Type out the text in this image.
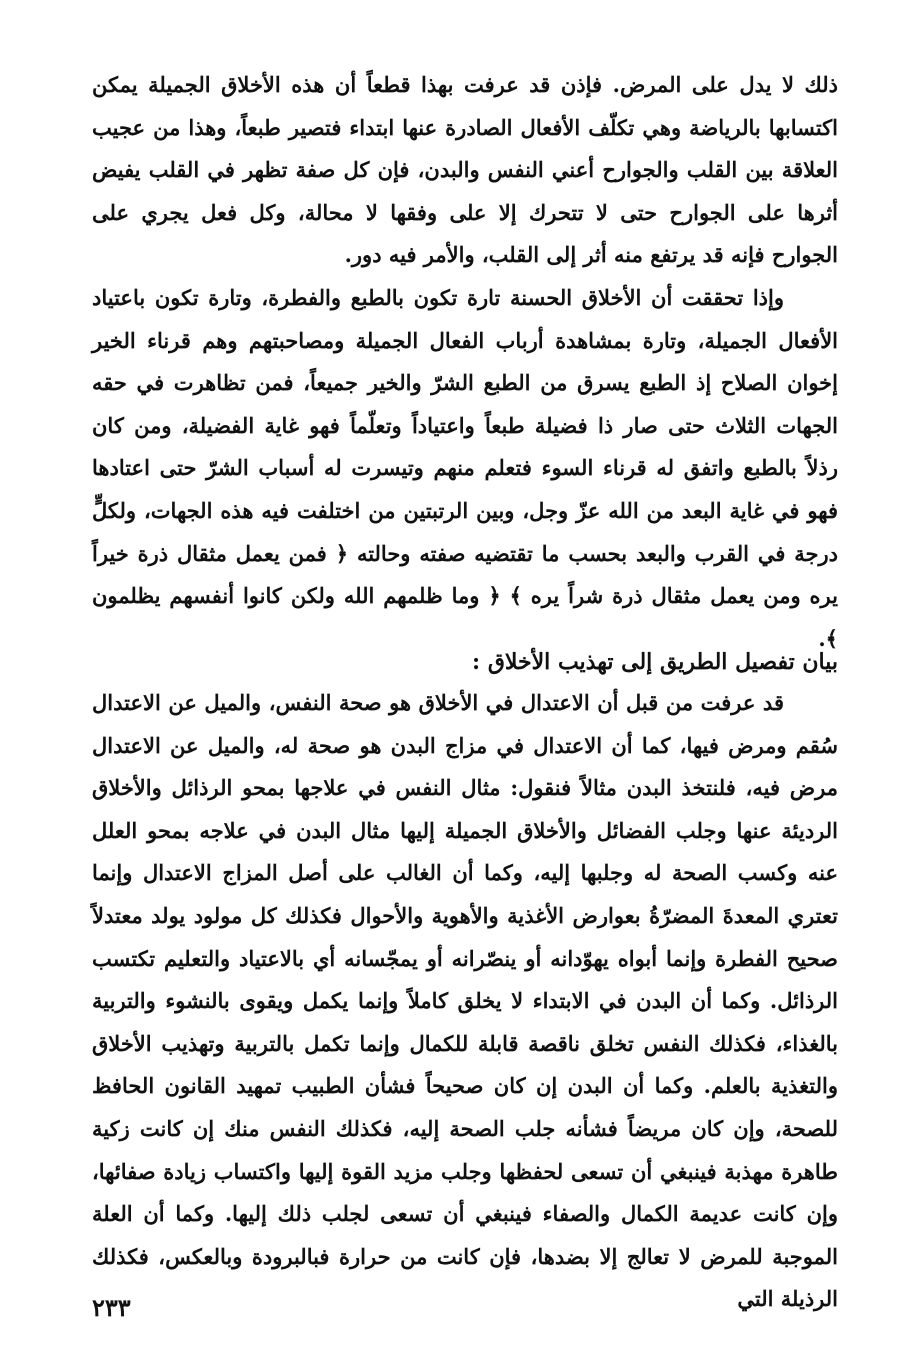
ذلك لا يدل على المرض. فإذن قد عرفت بهذا قطعاً أن هذه الأخلاق الجميلة يمكن اكتسابها بالرياضة وهي تكلّف الأفعال الصادرة عنها ابتداء فتصير طبعاً، وهذا من عجيب العلاقة بين القلب والجوارح أعني النفس والبدن، فإن كل صفة تظهر في القلب يفيض أثرها على الجوارح حتى لا تتحرك إلا على وفقها لا محالة، وكل فعل يجري على الجوارح فإنه قد يرتفع منه أثر إلى القلب، والأمر فيه دور.

وإذا تحققت أن الأخلاق الحسنة تارة تكون بالطبع والفطرة، وتارة تكون باعتياد الأفعال الجميلة، وتارة بمشاهدة أرباب الفعال الجميلة ومصاحبتهم وهم قرناء الخير إخوان الصلاح إذ الطبع يسرق من الطبع الشرّ والخير جميعاً، فمن تظاهرت في حقه الجهات الثلاث حتى صار ذا فضيلة طبعاً واعتياداً وتعلّماً فهو غاية الفضيلة، ومن كان رذلاً بالطبع واتفق له قرناء السوء فتعلم منهم وتيسرت له أسباب الشرّ حتى اعتادها فهو في غاية البعد من الله عزّ وجل، وبين الرتبتين من اختلفت فيه هذه الجهات، ولكلٍّ درجة في القرب والبعد بحسب ما تقتضيه صفته وحالته ﴿ فمن يعمل مثقال ذرة خيراً يره ومن يعمل مثقال ذرة شراً يره ﴾ ﴿ وما ظلمهم الله ولكن كانوا أنفسهم يظلمون ﴾.

بيان تفصيل الطريق إلى تهذيب الأخلاق :

قد عرفت من قبل أن الاعتدال في الأخلاق هو صحة النفس، والميل عن الاعتدال سُقم ومرض فيها، كما أن الاعتدال في مزاج البدن هو صحة له، والميل عن الاعتدال مرض فيه، فلنتخذ البدن مثالاً فنقول: مثال النفس في علاجها بمحو الرذائل والأخلاق الرديئة عنها وجلب الفضائل والأخلاق الجميلة إليها مثال البدن في علاجه بمحو العلل عنه وكسب الصحة له وجلبها إليه، وكما أن الغالب على أصل المزاج الاعتدال وإنما تعتري المعدةَ المضرّةُ بعوارض الأغذية والأهوية والأحوال فكذلك كل مولود يولد معتدلاً صحيح الفطرة وإنما أبواه يهوّدانه أو ينصّرانه أو يمجّسانه أي بالاعتياد والتعليم تكتسب الرذائل. وكما أن البدن في الابتداء لا يخلق كاملاً وإنما يكمل ويقوى بالنشوء والتربية بالغذاء، فكذلك النفس تخلق ناقصة قابلة للكمال وإنما تكمل بالتربية وتهذيب الأخلاق والتغذية بالعلم. وكما أن البدن إن كان صحيحاً فشأن الطبيب تمهيد القانون الحافظ للصحة، وإن كان مريضاً فشأنه جلب الصحة إليه، فكذلك النفس منك إن كانت زكية طاهرة مهذبة فينبغي أن تسعى لحفظها وجلب مزيد القوة إليها واكتساب زيادة صفائها، وإن كانت عديمة الكمال والصفاء فينبغي أن تسعى لجلب ذلك إليها. وكما أن العلة الموجبة للمرض لا تعالج إلا بضدها، فإن كانت من حرارة فبالبرودة وبالعكس، فكذلك الرذيلة التي

٢٣٣
